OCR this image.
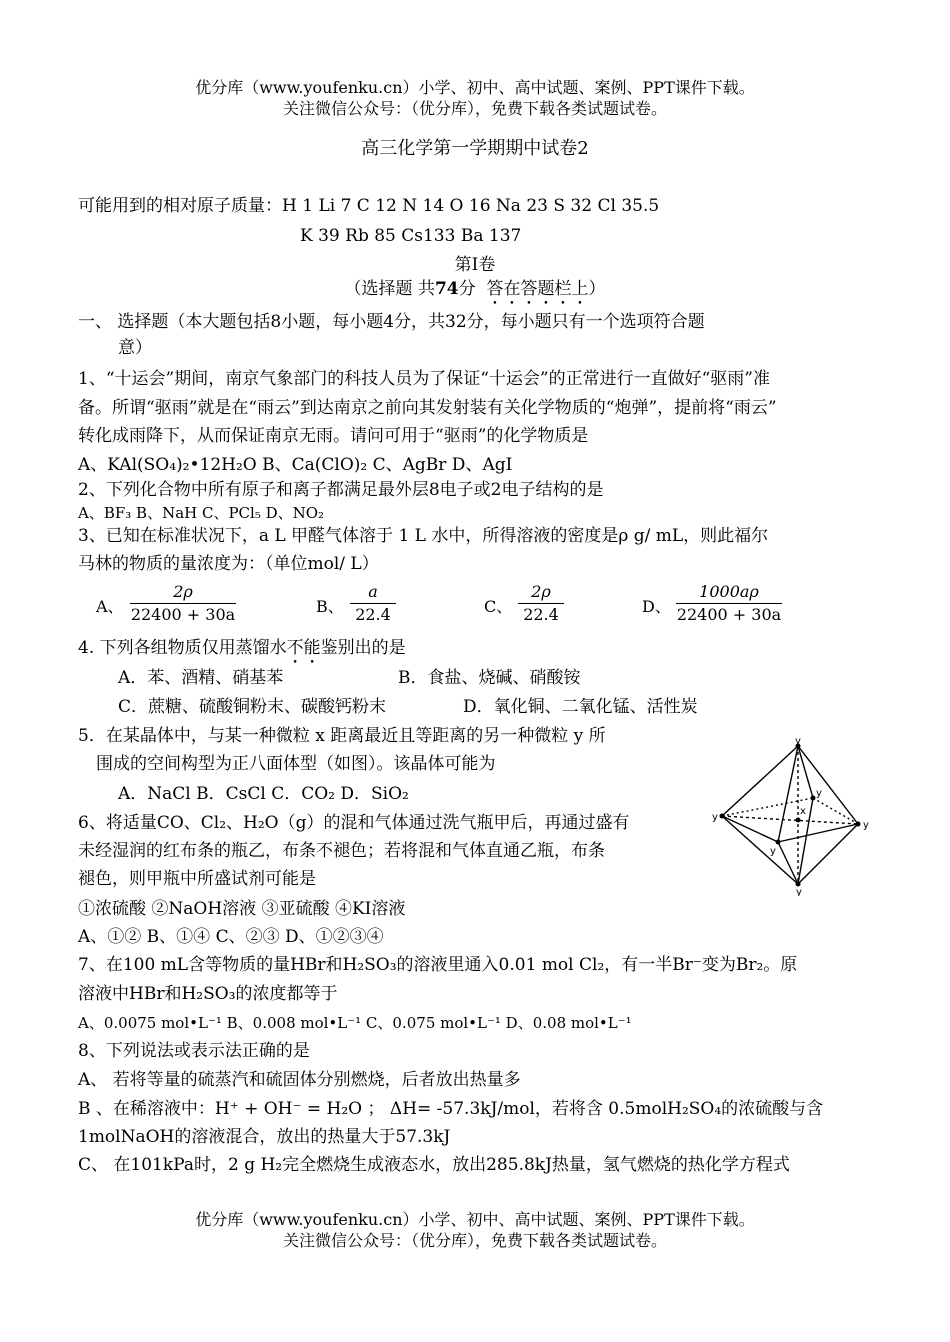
优分库（www.youfenku.cn）小学、初中、高中试题、案例、PPT课件下载。
关注微信公众号：（优分库），免费下载各类试题试卷。
高三化学第一学期期中试卷2
可能用到的相对原子质量：H 1 Li 7 C 12 N 14 O 16 Na 23 S 32 Cl 35.5
K 39 Rb 85 Cs133 Ba 137
第Ⅰ卷
（选择题 共74分 答在答题栏上）
一、 选择题（本大题包括8小题，每小题4分，共32分，每小题只有一个选项符合题
意）
1、“十运会”期间，南京气象部门的科技人员为了保证“十运会”的正常进行一直做好“驱雨”准
备。所谓“驱雨”就是在“雨云”到达南京之前向其发射装有关化学物质的“炮弹”，提前将“雨云”
转化成雨降下，从而保证南京无雨。请问可用于“驱雨”的化学物质是
A、KAl(SO₄)₂•12H₂O B、Ca(ClO)₂ C、AgBr D、AgI
2、下列化合物中所有原子和离子都满足最外层8电子或2电子结构的是
A、BF₃ B、NaH C、PCl₅ D、NO₂
3、已知在标准状况下，a L 甲醛气体溶于 1 L 水中，所得溶液的密度是ρ g/ mL，则此福尔
马林的物质的量浓度为：（单位mol/ L）
A、
2ρ
22400 + 30a	B、
a
22.4	C、
2ρ
22.4	D、
1000aρ
22400 + 30a
4. 下列各组物质仅用蒸馏水不能鉴别出的是
A．苯、酒精、硝基苯	B．食盐、烧碱、硝酸铵
C．蔗糖、硫酸铜粉末、碳酸钙粉末	D．氧化铜、二氧化锰、活性炭
5．在某晶体中，与某一种微粒 x 距离最近且等距离的另一种微粒 y 所
围成的空间构型为正八面体型（如图）。该晶体可能为
A．NaCl B．CsCl C．CO₂ D．SiO₂
y
y
y
y
y
y
x
6、将适量CO、Cl₂、H₂O（g）的混和气体通过洗气瓶甲后，再通过盛有
未经湿润的红布条的瓶乙，布条不褪色；若将混和气体直通乙瓶，布条
褪色，则甲瓶中所盛试剂可能是
①浓硫酸 ②NaOH溶液 ③亚硫酸 ④KI溶液
A、①② B、①④ C、②③ D、①②③④
7、在100 mL含等物质的量HBr和H₂SO₃的溶液里通入0.01 mol Cl₂，有一半Br⁻变为Br₂。原
溶液中HBr和H₂SO₃的浓度都等于
A、0.0075 mol•L⁻¹ B、0.008 mol•L⁻¹ C、0.075 mol•L⁻¹ D、0.08 mol•L⁻¹
8、下列说法或表示法正确的是
A、 若将等量的硫蒸汽和硫固体分别燃烧，后者放出热量多
B 、在稀溶液中：H⁺ + OH⁻ = H₂O ； ΔH= -57.3kJ/mol，若将含 0.5molH₂SO₄的浓硫酸与含
1molNaOH的溶液混合，放出的热量大于57.3kJ
C、 在101kPa时，2 g H₂完全燃烧生成液态水，放出285.8kJ热量，氢气燃烧的热化学方程式
优分库（www.youfenku.cn）小学、初中、高中试题、案例、PPT课件下载。
关注微信公众号：（优分库），免费下载各类试题试卷。
